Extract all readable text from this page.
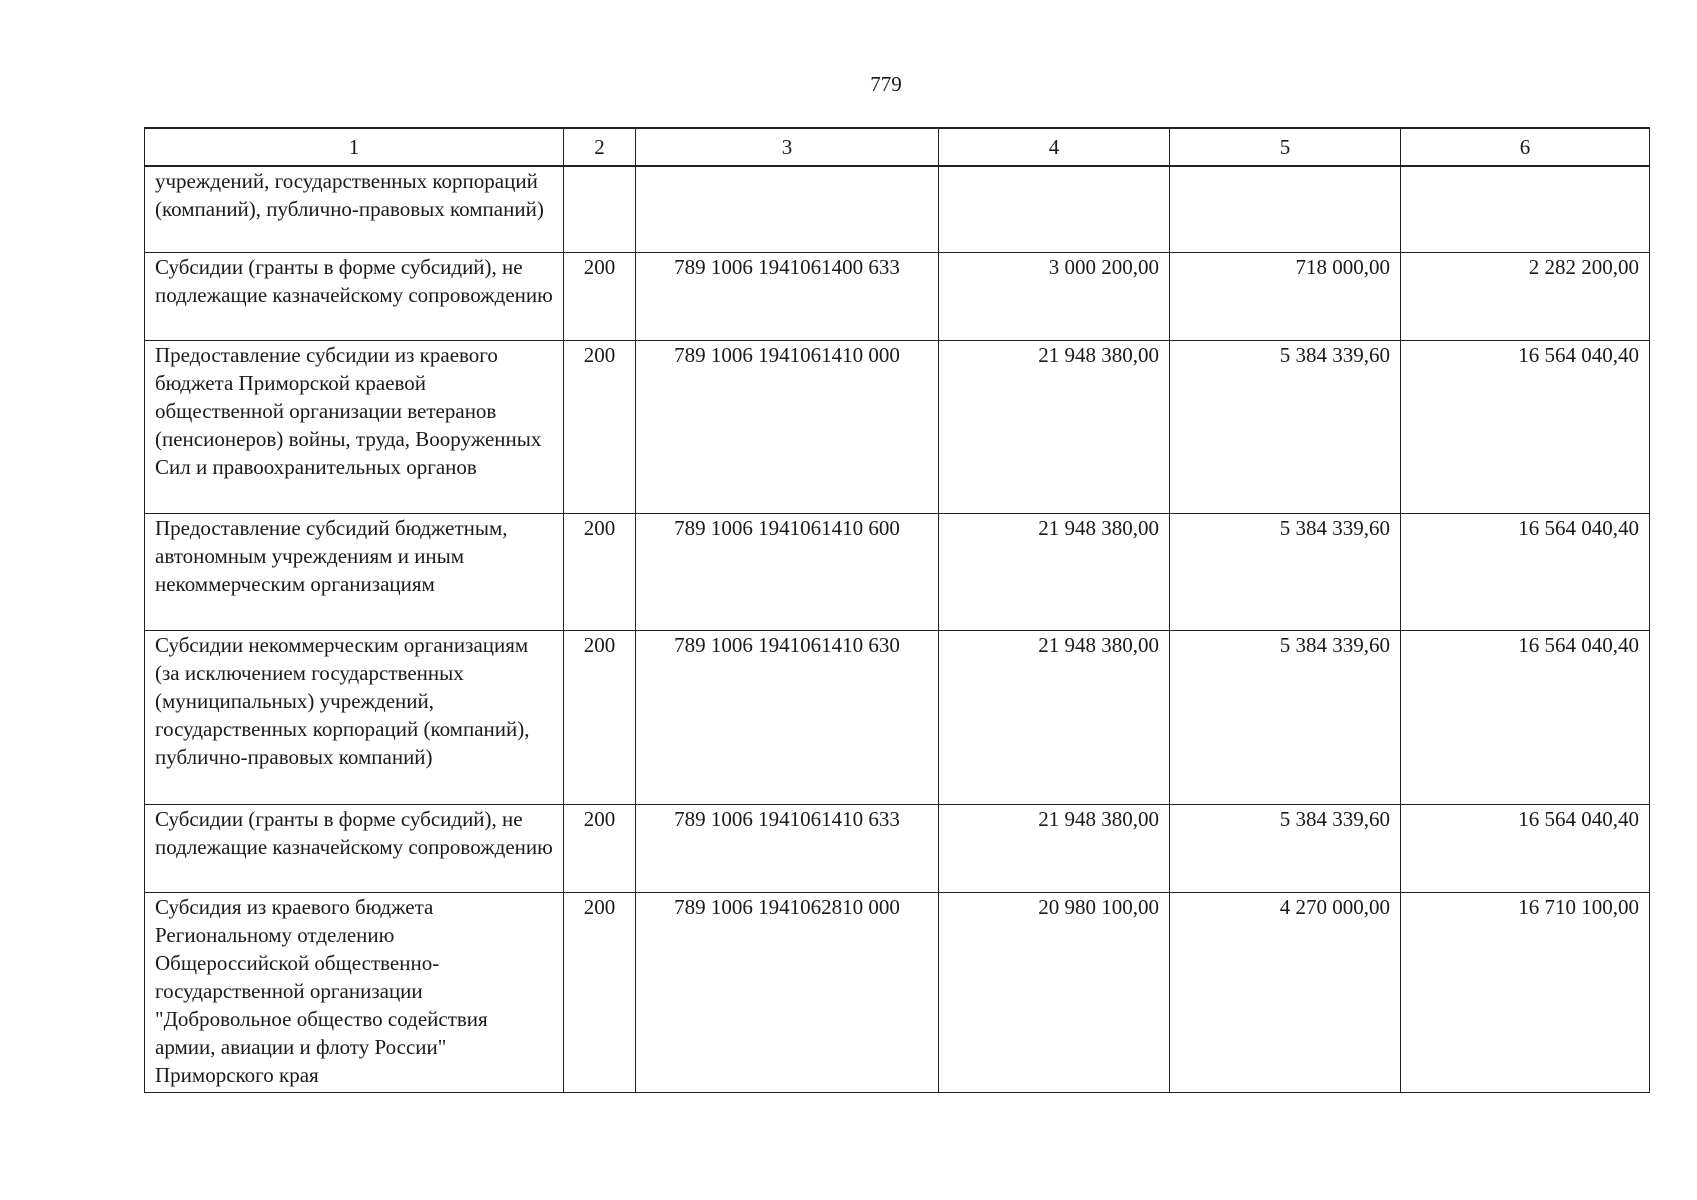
779
1	2	3	4	5	6
учреждений, государственных корпораций (компаний), публично-правовых компаний)					
Субсидии (гранты в форме субсидий), не подлежащие казначейскому сопровождению	200	789 1006 1941061400 633	3 000 200,00	718 000,00	2 282 200,00
Предоставление субсидии из краевого бюджета Приморской краевой общественной организации ветеранов (пенсионеров) войны, труда, Вооруженных Сил и правоохранительных органов	200	789 1006 1941061410 000	21 948 380,00	5 384 339,60	16 564 040,40
Предоставление субсидий бюджетным, автономным учреждениям и иным некоммерческим организациям	200	789 1006 1941061410 600	21 948 380,00	5 384 339,60	16 564 040,40
Субсидии некоммерческим организациям (за исключением государственных (муниципальных) учреждений, государственных корпораций (компаний), публично-правовых компаний)	200	789 1006 1941061410 630	21 948 380,00	5 384 339,60	16 564 040,40
Субсидии (гранты в форме субсидий), не подлежащие казначейскому сопровождению	200	789 1006 1941061410 633	21 948 380,00	5 384 339,60	16 564 040,40
Субсидия из краевого бюджета Региональному отделению Общероссийской общественно-государственной организации "Добровольное общество содействия армии, авиации и флоту России" Приморского края	200	789 1006 1941062810 000	20 980 100,00	4 270 000,00	16 710 100,00
